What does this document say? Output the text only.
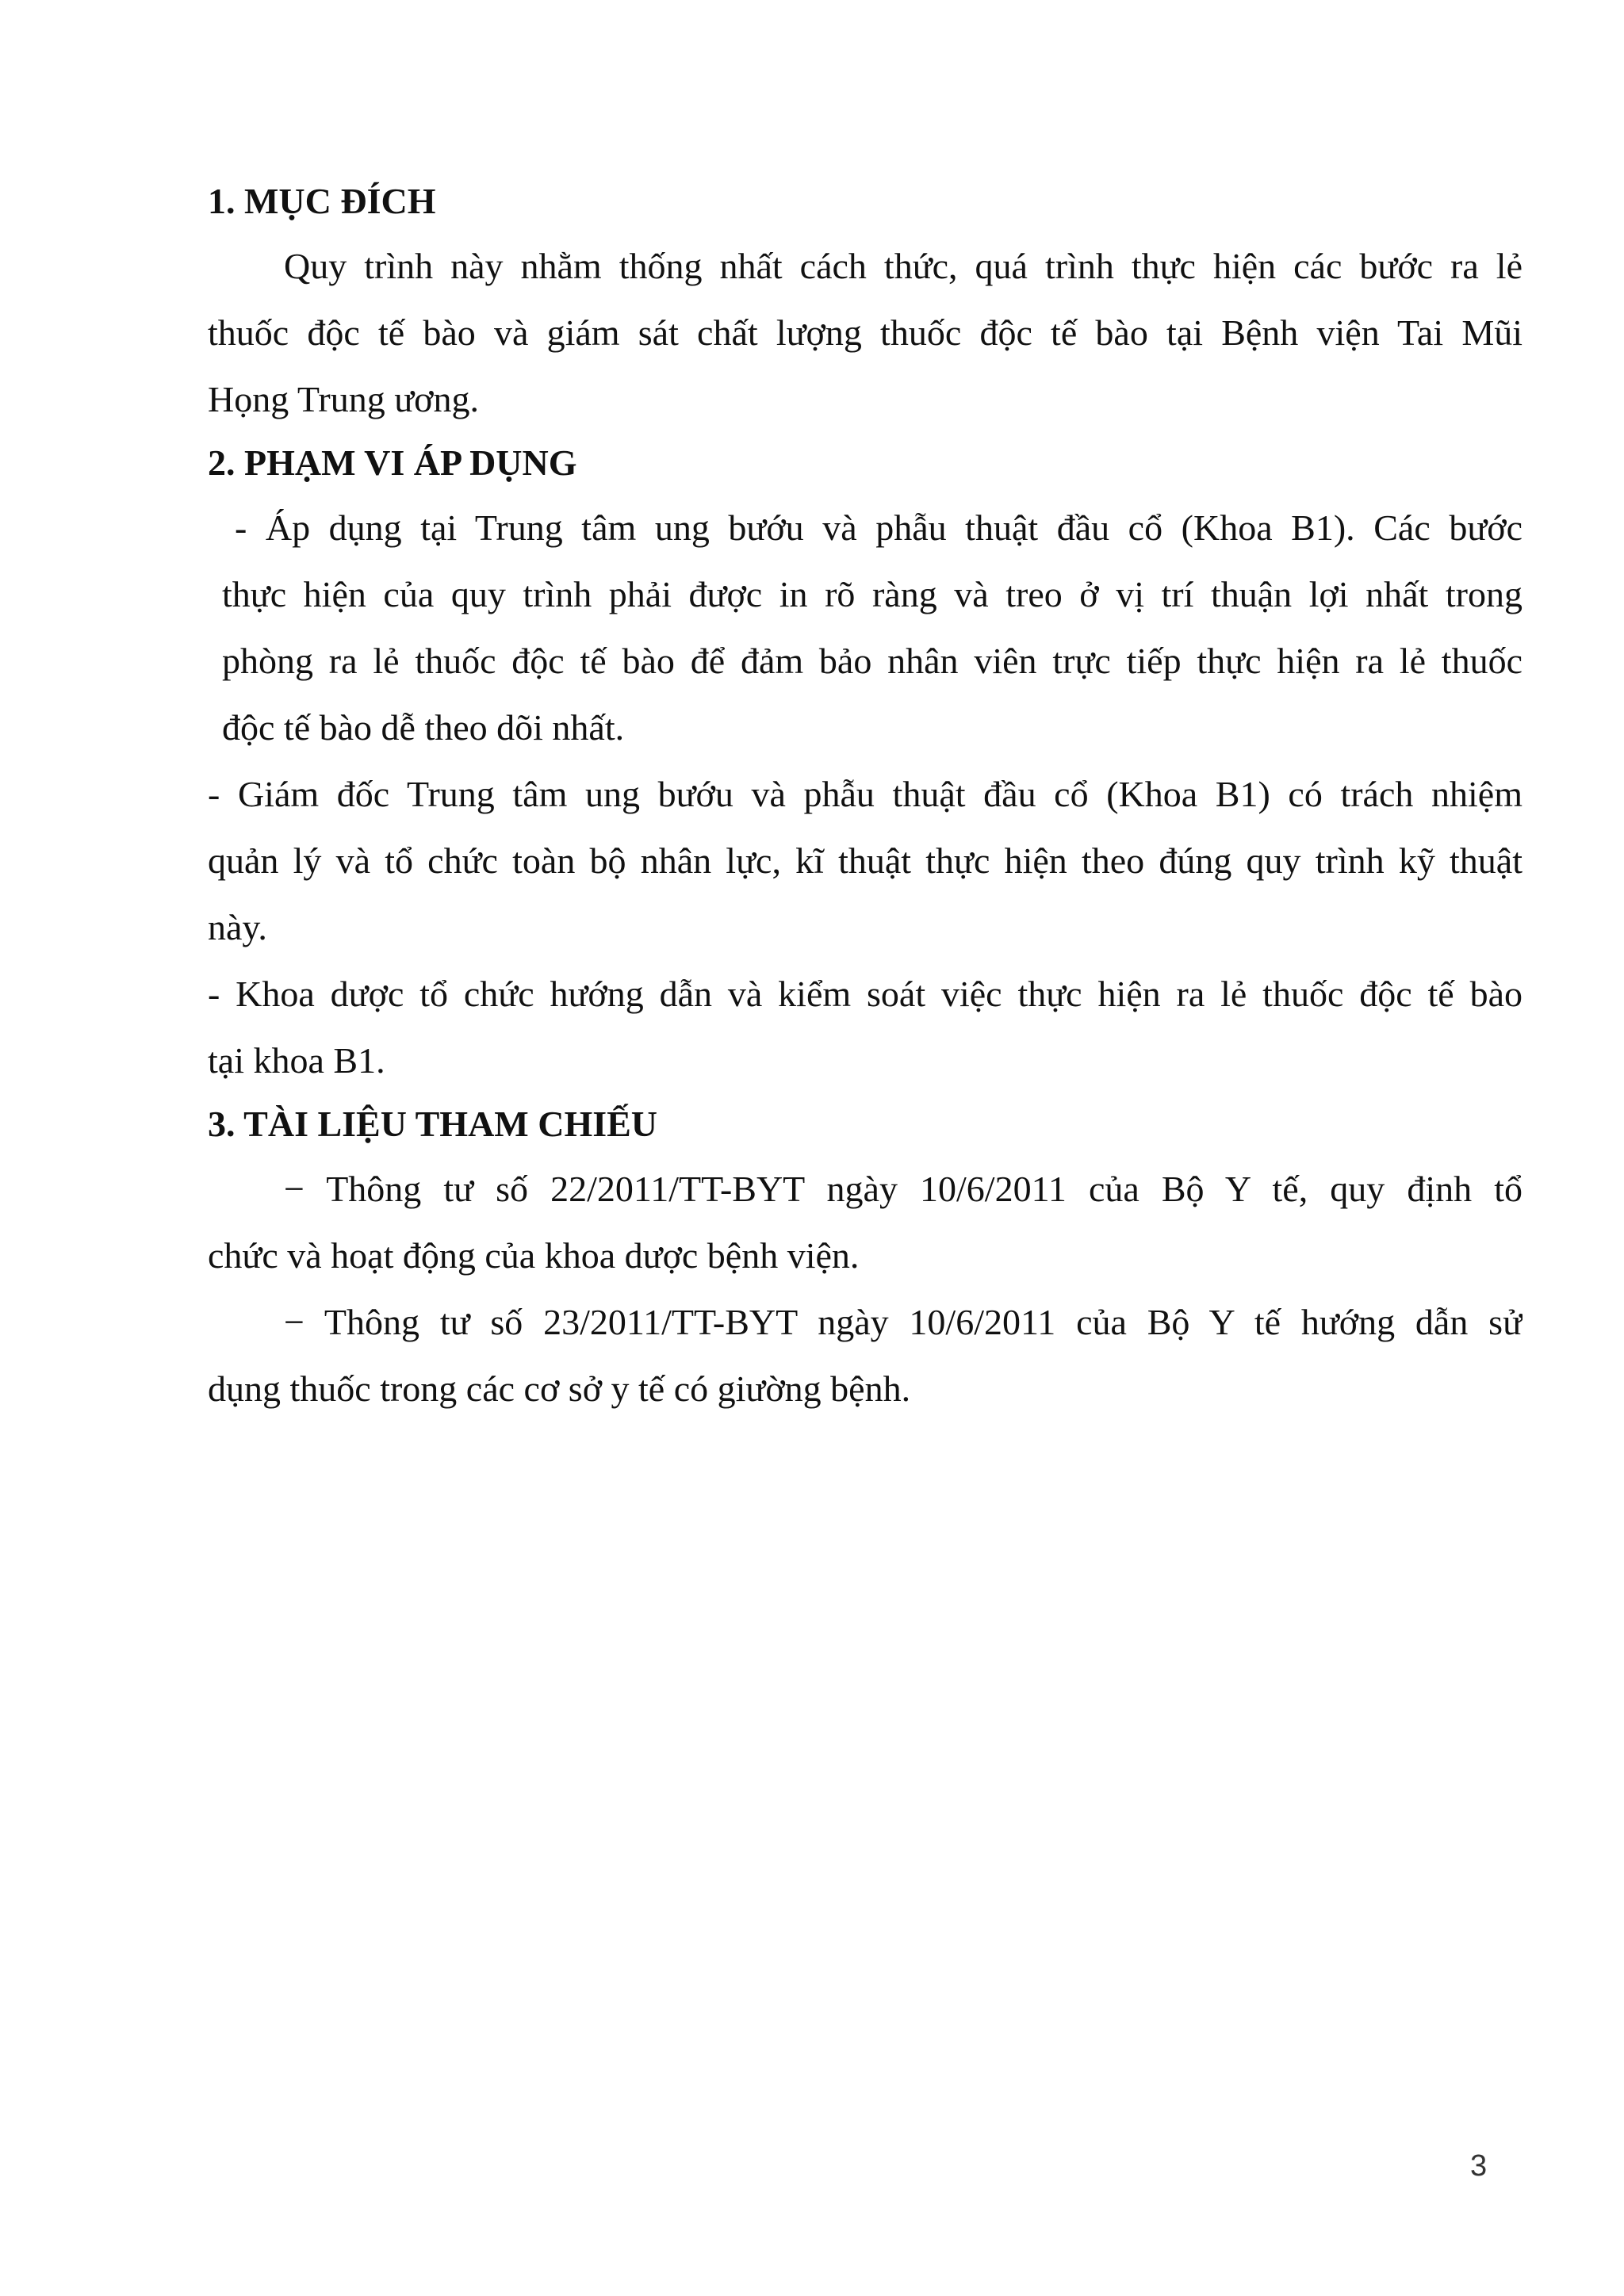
1. MỤC ĐÍCH
Quy trình này nhằm thống nhất cách thức, quá trình thực hiện các bước ra lẻ
thuốc độc tế bào và giám sát chất lượng thuốc độc tế bào tại Bệnh viện Tai Mũi
Họng Trung ương.
2. PHẠM VI ÁP DỤNG
- Áp dụng tại Trung tâm ung bướu và phẫu thuật đầu cổ (Khoa B1). Các bước
thực hiện của quy trình phải được in rõ ràng và treo ở vị trí thuận lợi nhất trong
phòng ra lẻ thuốc độc tế bào để đảm bảo nhân viên trực tiếp thực hiện ra lẻ thuốc
độc tế bào dễ theo dõi nhất.
- Giám đốc Trung tâm ung bướu và phẫu thuật đầu cổ (Khoa B1) có trách nhiệm
quản lý và tổ chức toàn bộ nhân lực, kĩ thuật thực hiện theo đúng quy trình kỹ thuật
này.
- Khoa dược tổ chức hướng dẫn và kiểm soát việc thực hiện ra lẻ thuốc độc tế bào
tại khoa B1.
3. TÀI LIỆU THAM CHIẾU
− Thông tư số 22/2011/TT-BYT ngày 10/6/2011 của Bộ Y tế, quy định tổ
chức và hoạt động của khoa dược bệnh viện.
− Thông tư số 23/2011/TT-BYT ngày 10/6/2011 của Bộ Y tế hướng dẫn sử
dụng thuốc trong các cơ sở y tế có giường bệnh.
3
